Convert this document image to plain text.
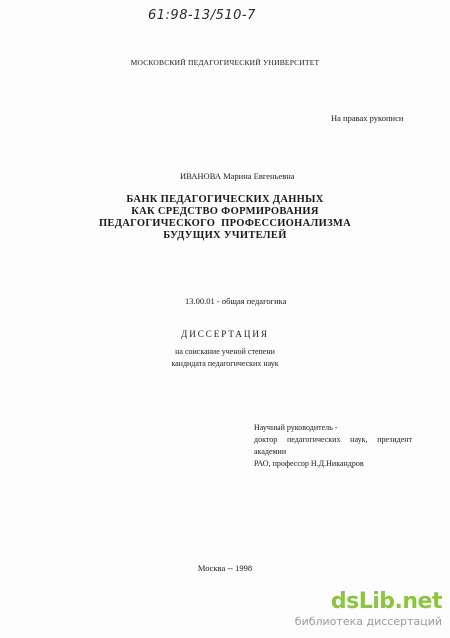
61:98-13/510-7
МОСКОВСКИЙ ПЕДАГОГИЧЕСКИЙ УНИВЕРСИТЕТ
На правах рукописи
ИВАНОВА Марина Евгеньевна
БАНК ПЕДАГОГИЧЕСКИХ ДАННЫХ
КАК СРЕДСТВО ФОРМИРОВАНИЯ
ПЕДАГОГИЧЕСКОГО  ПРОФЕССИОНАЛИЗМА
БУДУЩИХ УЧИТЕЛЕЙ
13.00.01 - общая педагогика
ДИССЕРТАЦИЯ
на соискание ученой степени
кандидата педагогических наук
Научный руководитель -
доктор педагогических наук, президент академии
РАО, профессор Н.Д.Никандров
Москва -- 1998
dsLib.net
библиотека диссертаций
